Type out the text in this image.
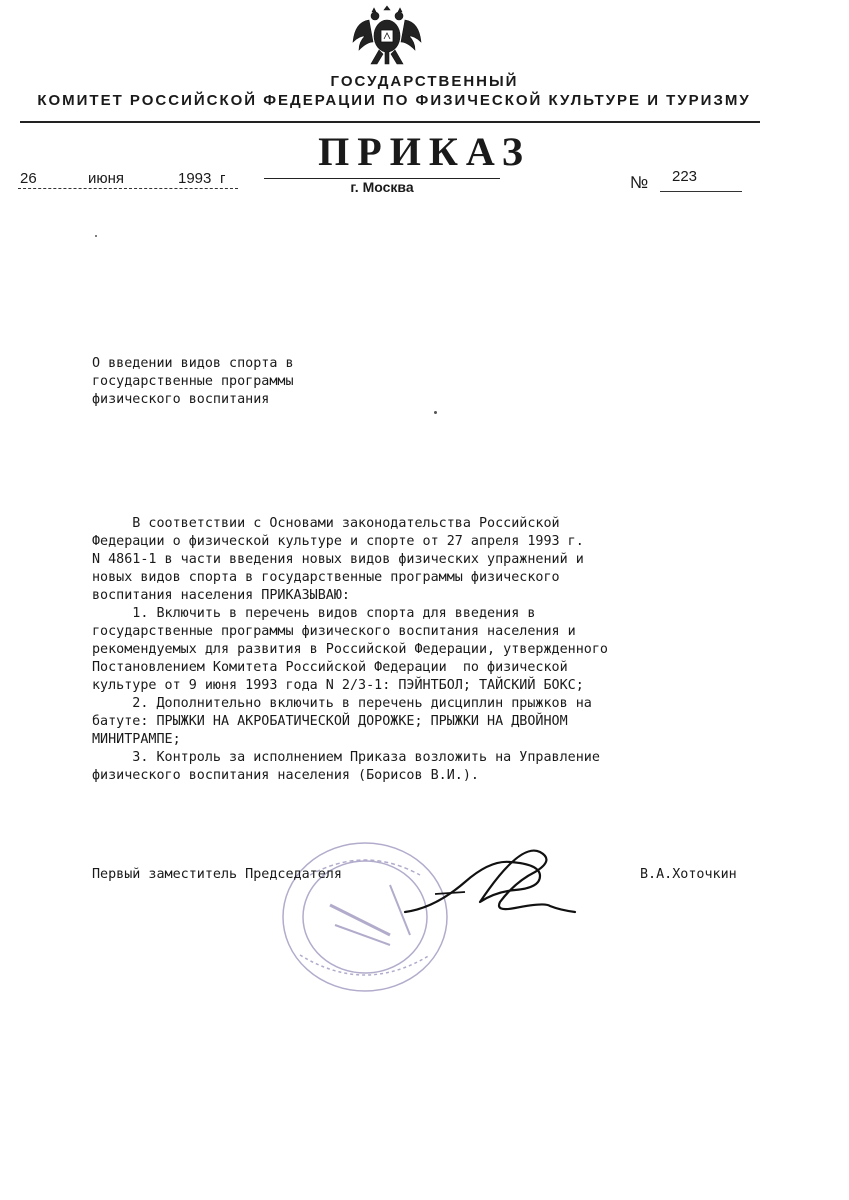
ГОСУДАРСТВЕННЫЙ
КОМИТЕТ РОССИЙСКОЙ ФЕДЕРАЦИИ ПО ФИЗИЧЕСКОЙ КУЛЬТУРЕ И ТУРИЗМУ
ПРИКАЗ
26	июня	1993 г	г. Москва	№ 223
О введении видов спорта в
государственные программы
физического воспитания
В соответствии с Основами законодательства Российской
Федерации о физической культуре и спорте от 27 апреля 1993 г.
N 4861-1 в части введения новых видов физических упражнений и
новых видов спорта в государственные программы физического
воспитания населения ПРИКАЗЫВАЮ:
1. Включить в перечень видов спорта для введения в
государственные программы физического воспитания населения и
рекомендуемых для развития в Российской Федерации, утвержденного
Постановлением Комитета Российской Федерации  по физической
культуре от 9 июня 1993 года N 2/3-1: ПЭЙНТБОЛ; ТАЙСКИЙ БОКС;
2. Дополнительно включить в перечень дисциплин прыжков на
батуте: ПРЫЖКИ НА АКРОБАТИЧЕСКОЙ ДОРОЖКЕ; ПРЫЖКИ НА ДВОЙНОМ
МИНИТРАМПЕ;
3. Контроль за исполнением Приказа возложить на Управление
физического воспитания населения (Борисов В.И.).
Первый заместитель Председателя	В.А.Хоточкин
